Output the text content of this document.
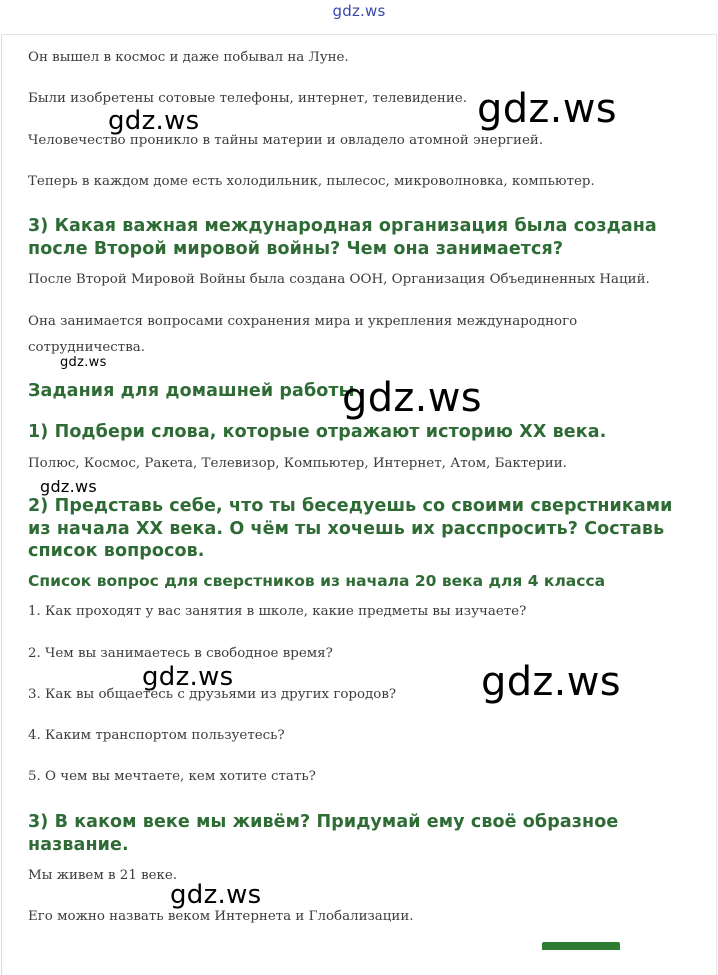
gdz.ws

Он вышел в космос и даже побывал на Луне.

Были изобретены сотовые телефоны, интернет, телевидение.

Человечество проникло в тайны материи и овладело атомной энергией.

Теперь в каждом доме есть холодильник, пылесос, микроволновка, компьютер.

3) Какая важная международная организация была создана после Второй мировой войны? Чем она занимается?

После Второй Мировой Войны была создана ООН, Организация Объединенных Наций.

Она занимается вопросами сохранения мира и укрепления международного сотрудничества.

Задания для домашней работы
1) Подбери слова, которые отражают историю XX века.

Полюс, Космос, Ракета, Телевизор, Компьютер, Интернет, Атом, Бактерии.

2) Представь себе, что ты беседуешь со своими сверстниками из начала XX века. О чём ты хочешь их расспросить? Составь список вопросов.
Список вопрос для сверстников из начала 20 века для 4 класса

1. Как проходят у вас занятия в школе, какие предметы вы изучаете?

2. Чем вы занимаетесь в свободное время?

3. Как вы общаетесь с друзьями из других городов?

4. Каким транспортом пользуетесь?

5. О чем вы мечтаете, кем хотите стать?

3) В каком веке мы живём? Придумай ему своё образное название.

Мы живем в 21 веке.

Его можно назвать веком Интернета и Глобализации.

gdz.ws
gdz.ws
gdz.ws
gdz.ws
gdz.ws
gdz.ws	gdz.ws
gdz.ws
